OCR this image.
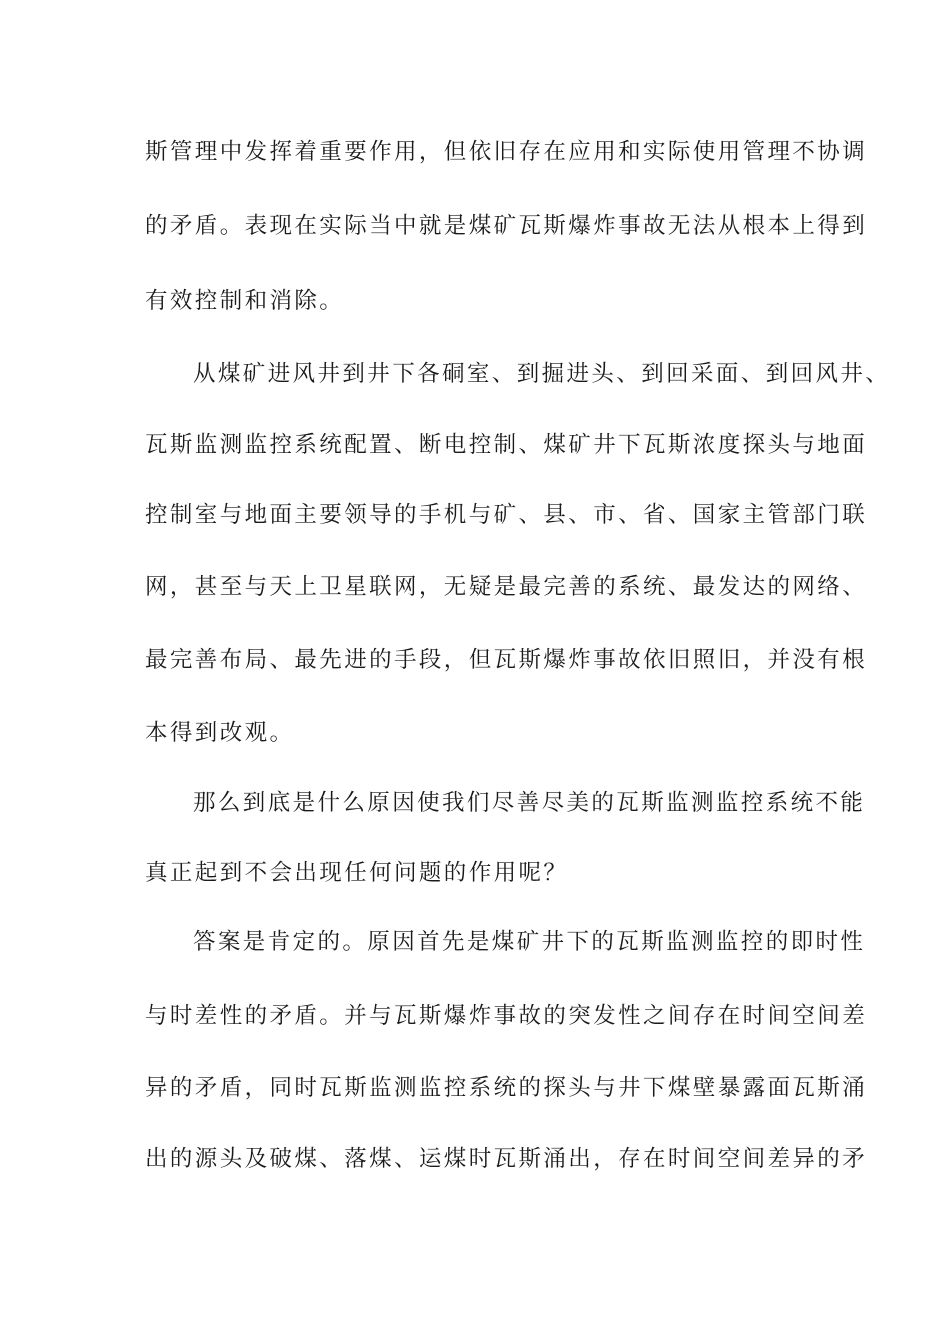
斯管理中发挥着重要作用，但依旧存在应用和实际使用管理不协调
的矛盾。表现在实际当中就是煤矿瓦斯爆炸事故无法从根本上得到
有效控制和消除。
从煤矿进风井到井下各硐室、到掘进头、到回采面、到回风井、
瓦斯监测监控系统配置、断电控制、煤矿井下瓦斯浓度探头与地面
控制室与地面主要领导的手机与矿、县、市、省、国家主管部门联
网，甚至与天上卫星联网，无疑是最完善的系统、最发达的网络、
最完善布局、最先进的手段，但瓦斯爆炸事故依旧照旧，并没有根
本得到改观。
那么到底是什么原因使我们尽善尽美的瓦斯监测监控系统不能
真正起到不会出现任何问题的作用呢？
答案是肯定的。原因首先是煤矿井下的瓦斯监测监控的即时性
与时差性的矛盾。并与瓦斯爆炸事故的突发性之间存在时间空间差
异的矛盾，同时瓦斯监测监控系统的探头与井下煤壁暴露面瓦斯涌
出的源头及破煤、落煤、运煤时瓦斯涌出，存在时间空间差异的矛
